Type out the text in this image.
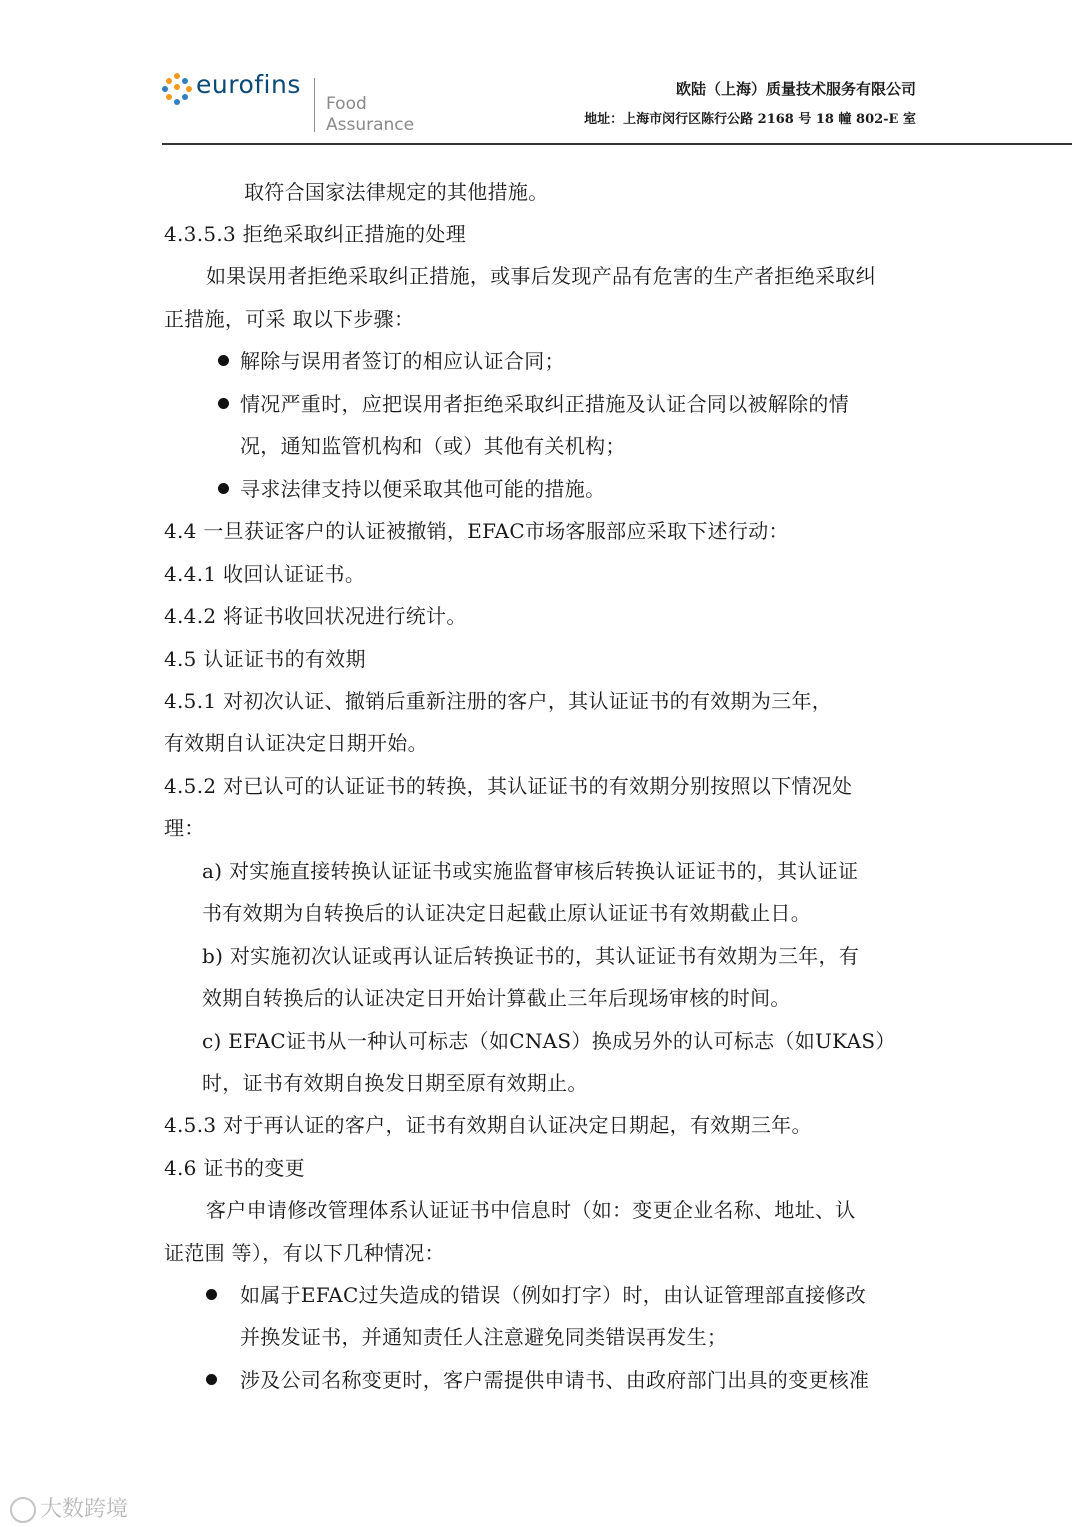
eurofins
Food
Assurance
欧陆（上海）质量技术服务有限公司
地址：上海市闵行区陈行公路 2168 号 18 幢 802-E 室
取符合国家法律规定的其他措施。
4.3.5.3 拒绝采取纠正措施的处理
如果误用者拒绝采取纠正措施，或事后发现产品有危害的生产者拒绝采取纠
正措施，可采 取以下步骤：
解除与误用者签订的相应认证合同；
情况严重时，应把误用者拒绝采取纠正措施及认证合同以被解除的情
况，通知监管机构和（或）其他有关机构；
寻求法律支持以便采取其他可能的措施。
4.4 一旦获证客户的认证被撤销，EFAC市场客服部应采取下述行动：
4.4.1 收回认证证书。
4.4.2 将证书收回状况进行统计。
4.5 认证证书的有效期
4.5.1 对初次认证、撤销后重新注册的客户，其认证证书的有效期为三年，
有效期自认证决定日期开始。
4.5.2 对已认可的认证证书的转换，其认证证书的有效期分别按照以下情况处
理：
a) 对实施直接转换认证证书或实施监督审核后转换认证证书的，其认证证
书有效期为自转换后的认证决定日起截止原认证证书有效期截止日。
b) 对实施初次认证或再认证后转换证书的，其认证证书有效期为三年，有
效期自转换后的认证决定日开始计算截止三年后现场审核的时间。
c) EFAC证书从一种认可标志（如CNAS）换成另外的认可标志（如UKAS）
时，证书有效期自换发日期至原有效期止。
4.5.3 对于再认证的客户，证书有效期自认证决定日期起，有效期三年。
4.6 证书的变更
客户申请修改管理体系认证证书中信息时（如：变更企业名称、地址、认
证范围 等），有以下几种情况：
如属于EFAC过失造成的错误（例如打字）时，由认证管理部直接修改
并换发证书，并通知责任人注意避免同类错误再发生；
涉及公司名称变更时，客户需提供申请书、由政府部门出具的变更核准
大数跨境
